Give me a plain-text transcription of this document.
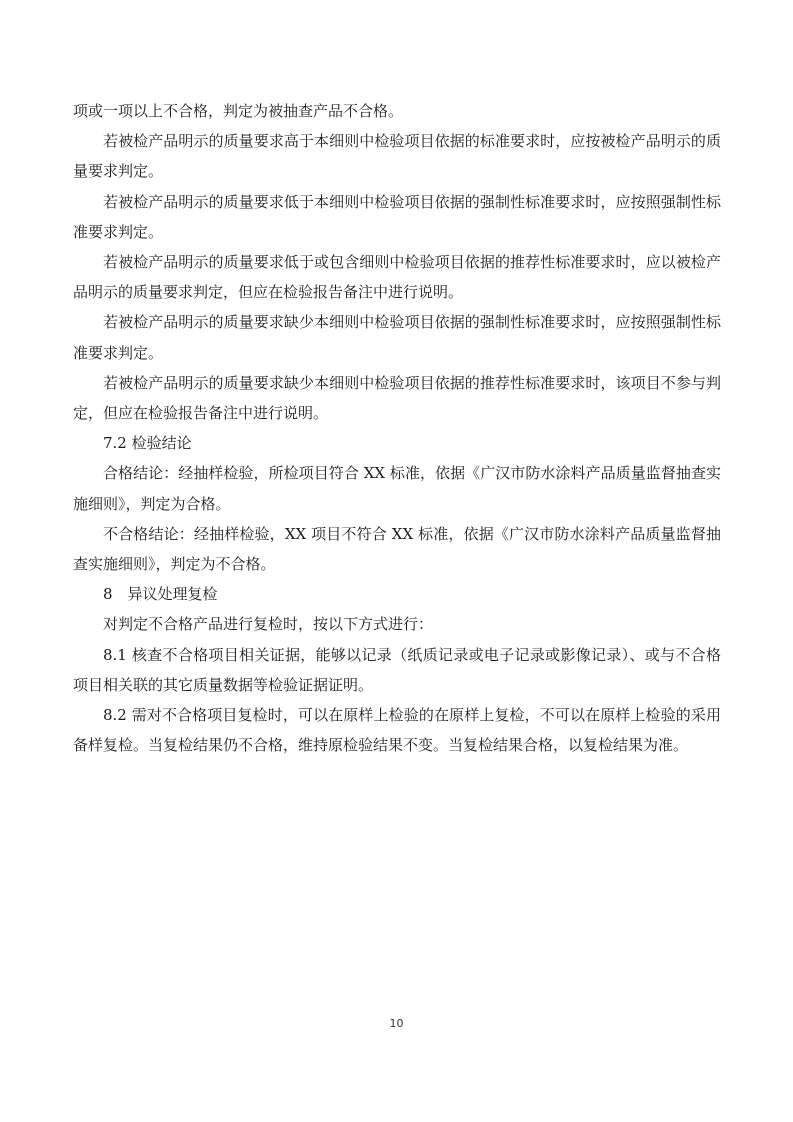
项或一项以上不合格，判定为被抽查产品不合格。

若被检产品明示的质量要求高于本细则中检验项目依据的标准要求时，应按被检产品明示的质量要求判定。

若被检产品明示的质量要求低于本细则中检验项目依据的强制性标准要求时，应按照强制性标准要求判定。

若被检产品明示的质量要求低于或包含细则中检验项目依据的推荐性标准要求时，应以被检产品明示的质量要求判定，但应在检验报告备注中进行说明。

若被检产品明示的质量要求缺少本细则中检验项目依据的强制性标准要求时，应按照强制性标准要求判定。

若被检产品明示的质量要求缺少本细则中检验项目依据的推荐性标准要求时，该项目不参与判定，但应在检验报告备注中进行说明。

7.2 检验结论

合格结论：经抽样检验，所检项目符合 XX 标准，依据《广汉市防水涂料产品质量监督抽查实施细则》，判定为合格。

不合格结论：经抽样检验，XX 项目不符合 XX 标准，依据《广汉市防水涂料产品质量监督抽查实施细则》，判定为不合格。

8　异议处理复检

对判定不合格产品进行复检时，按以下方式进行：

8.1 核查不合格项目相关证据，能够以记录（纸质记录或电子记录或影像记录）、或与不合格项目相关联的其它质量数据等检验证据证明。

8.2 需对不合格项目复检时，可以在原样上检验的在原样上复检，不可以在原样上检验的采用备样复检。当复检结果仍不合格，维持原检验结果不变。当复检结果合格，以复检结果为准。

10
